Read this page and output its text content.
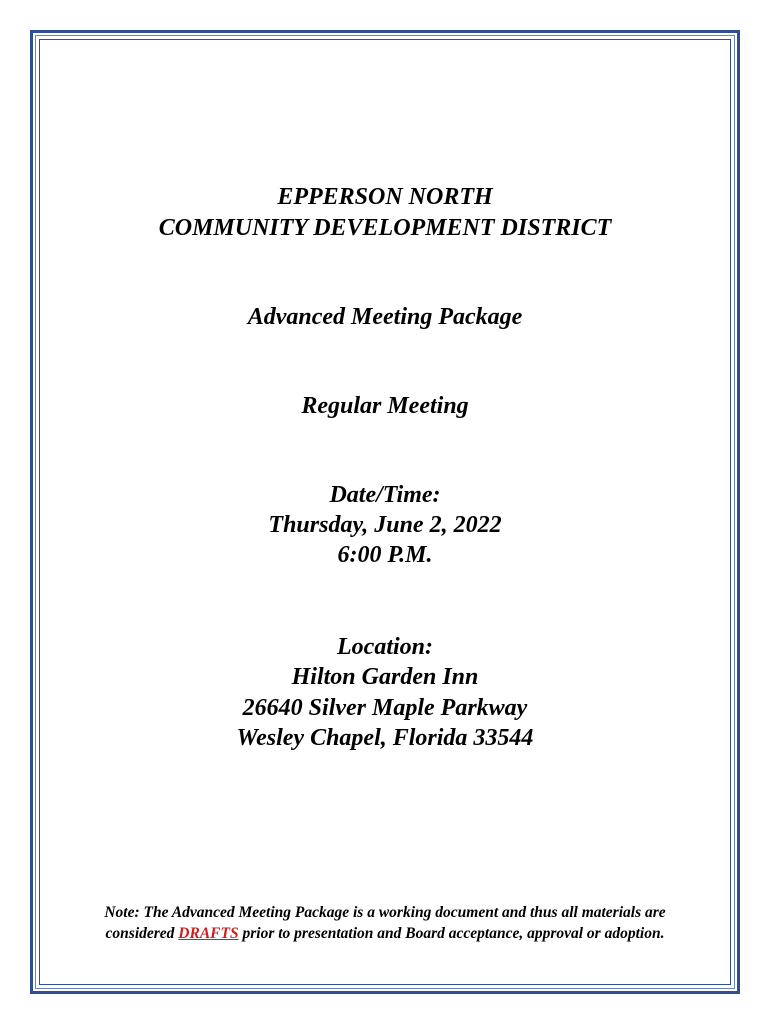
EPPERSON NORTH
COMMUNITY DEVELOPMENT DISTRICT
Advanced Meeting Package
Regular Meeting
Date/Time:
Thursday, June 2, 2022
6:00 P.M.
Location:
Hilton Garden Inn
26640 Silver Maple Parkway
Wesley Chapel, Florida 33544
Note: The Advanced Meeting Package is a working document and thus all materials are
considered DRAFTS prior to presentation and Board acceptance, approval or adoption.
